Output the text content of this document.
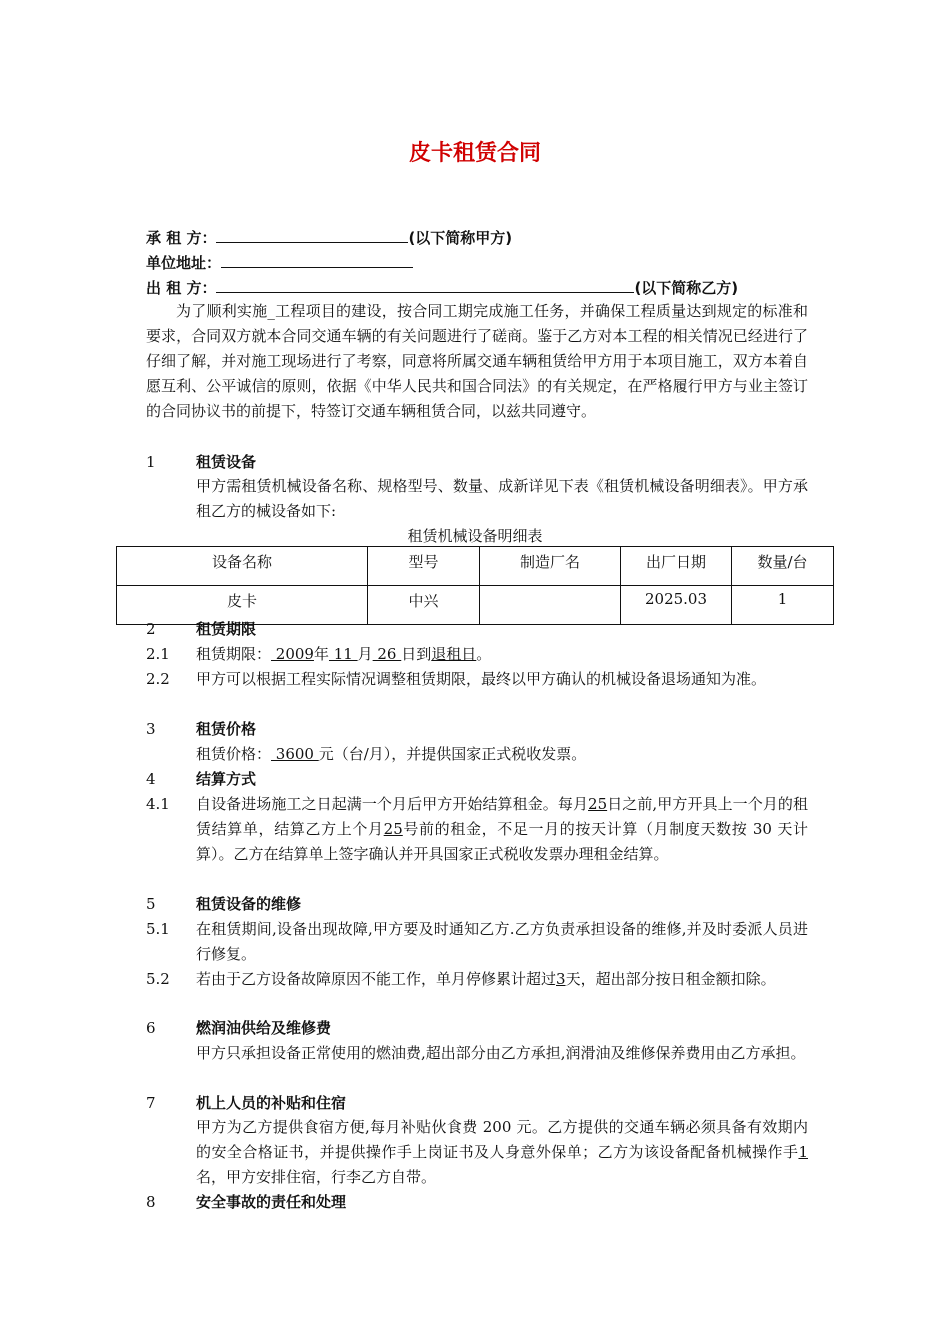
皮卡租赁合同
承 租 方：	(以下简称甲方)
单位地址：
出 租 方：	(以下简称乙方)
为了顺利实施_工程项目的建设，按合同工期完成施工任务，并确保工程质量达到规定的标准和要求，合同双方就本合同交通车辆的有关问题进行了磋商。鉴于乙方对本工程的相关情况已经进行了仔细了解，并对施工现场进行了考察，同意将所属交通车辆租赁给甲方用于本项目施工，双方本着自愿互利、公平诚信的原则，依据《中华人民共和国合同法》的有关规定，在严格履行甲方与业主签订的合同协议书的前提下，特签订交通车辆租赁合同，以兹共同遵守。
1	租赁设备
甲方需租赁机械设备名称、规格型号、数量、成新详见下表《租赁机械设备明细表》。甲方承租乙方的械设备如下:
租赁机械设备明细表
设备名称	型号	制造厂名	出厂日期	数量/台
皮卡	中兴		2025.03	1
2	租赁期限
2.1	租赁期限： 2009年 11 月 26 日到退租日。
2.2	甲方可以根据工程实际情况调整租赁期限，最终以甲方确认的机械设备退场通知为准。
3	租赁价格
租赁价格： 3600 元（台/月），并提供国家正式税收发票。
4	结算方式
4.1	自设备进场施工之日起满一个月后甲方开始结算租金。每月25日之前,甲方开具上一个月的租赁结算单，结算乙方上个月25号前的租金，不足一月的按天计算（月制度天数按 30 天计算）。乙方在结算单上签字确认并开具国家正式税收发票办理租金结算。
5	租赁设备的维修
5.1	在租赁期间,设备出现故障,甲方要及时通知乙方.乙方负责承担设备的维修,并及时委派人员进行修复。
5.2	若由于乙方设备故障原因不能工作，单月停修累计超过3天，超出部分按日租金额扣除。
6	燃润油供给及维修费
甲方只承担设备正常使用的燃油费,超出部分由乙方承担,润滑油及维修保养费用由乙方承担。
7	机上人员的补贴和住宿
甲方为乙方提供食宿方便,每月补贴伙食费 200 元。乙方提供的交通车辆必须具备有效期内的安全合格证书，并提供操作手上岗证书及人身意外保单；乙方为该设备配备机械操作手1名，甲方安排住宿，行李乙方自带。
8	安全事故的责任和处理
